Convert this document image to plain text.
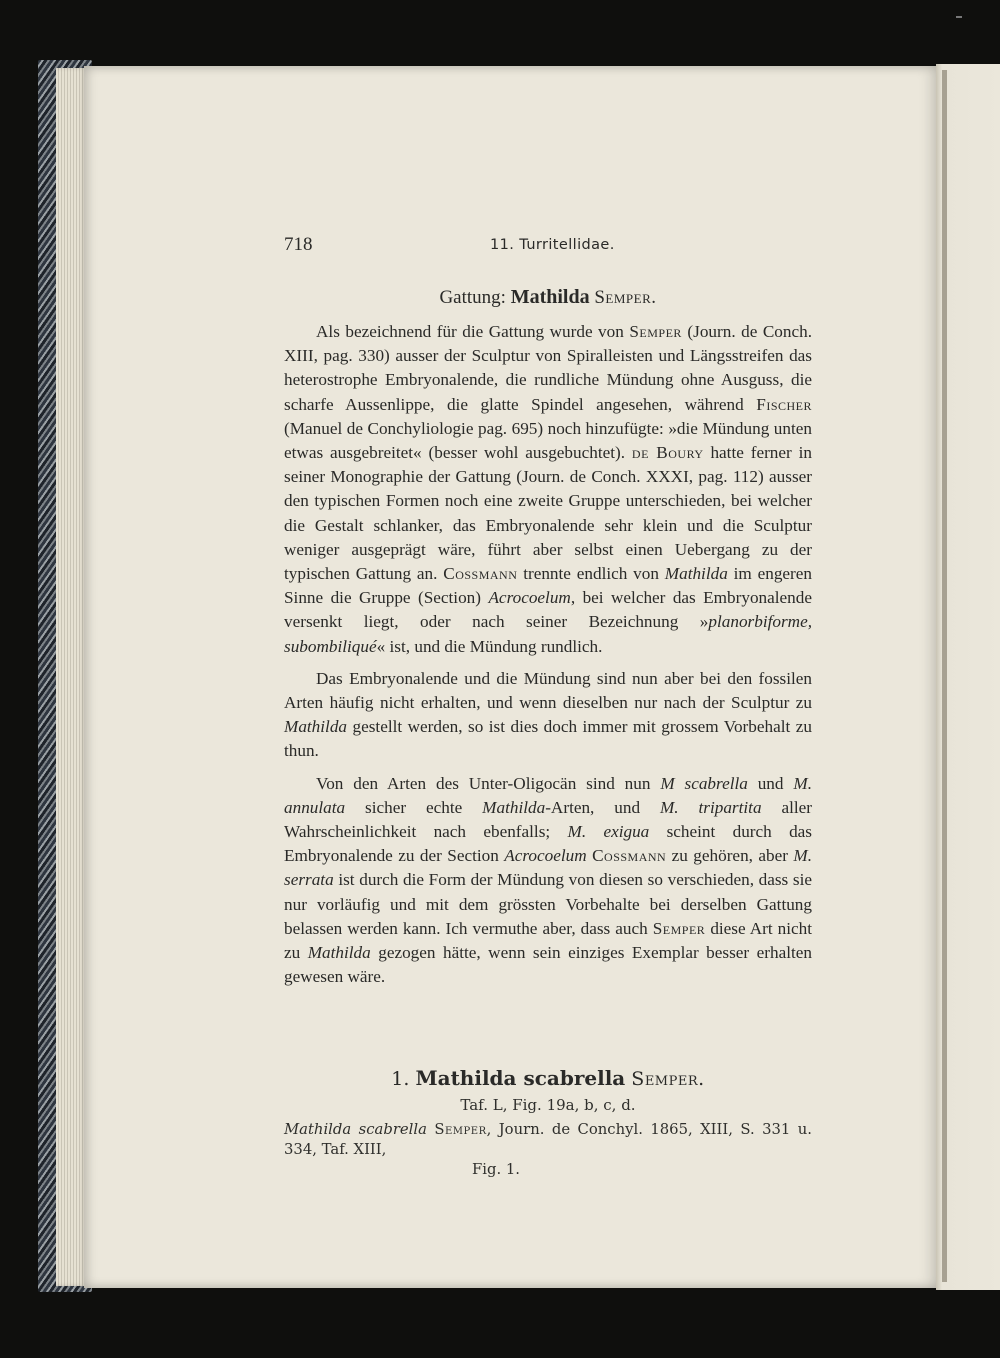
718	11. Turritellidae.
Gattung: Mathilda Semper.

Als bezeichnend für die Gattung wurde von Semper (Journ. de Conch. XIII, pag. 330) ausser der Sculptur von Spiralleisten und Längsstreifen das heterostrophe Embryonalende, die rundliche Mündung ohne Ausguss, die scharfe Aussenlippe, die glatte Spindel angesehen, während Fischer (Manuel de Conchyliologie pag. 695) noch hinzufügte: »die Mündung unten etwas ausgebreitet« (besser wohl ausgebuchtet). de Boury hatte ferner in seiner Monographie der Gattung (Journ. de Conch. XXXI, pag. 112) ausser den typischen Formen noch eine zweite Gruppe unterschieden, bei welcher die Gestalt schlanker, das Embryonalende sehr klein und die Sculptur weniger ausgeprägt wäre, führt aber selbst einen Uebergang zu der typischen Gattung an. Cossmann trennte endlich von Mathilda im engeren Sinne die Gruppe (Section) Acrocoelum, bei welcher das Embryonalende versenkt liegt, oder nach seiner Bezeichnung »planorbiforme, subombiliqué« ist, und die Mündung rundlich.

Das Embryonalende und die Mündung sind nun aber bei den fossilen Arten häufig nicht erhalten, und wenn dieselben nur nach der Sculptur zu Mathilda gestellt werden, so ist dies doch immer mit grossem Vorbehalt zu thun.

Von den Arten des Unter-Oligocän sind nun M scabrella und M. annulata sicher echte Mathilda-Arten, und M. tripartita aller Wahrscheinlichkeit nach ebenfalls; M. exigua scheint durch das Embryonalende zu der Section Acrocoelum Cossmann zu gehören, aber M. serrata ist durch die Form der Mündung von diesen so verschieden, dass sie nur vorläufig und mit dem grössten Vorbehalte bei derselben Gattung belassen werden kann. Ich vermuthe aber, dass auch Semper diese Art nicht zu Mathilda gezogen hätte, wenn sein einziges Exemplar besser erhalten gewesen wäre.

1. Mathilda scabrella Semper.
Taf. L, Fig. 19a, b, c, d.
Mathilda scabrella Semper, Journ. de Conchyl. 1865, XIII, S. 331 u. 334, Taf. XIII,
Fig. 1.
